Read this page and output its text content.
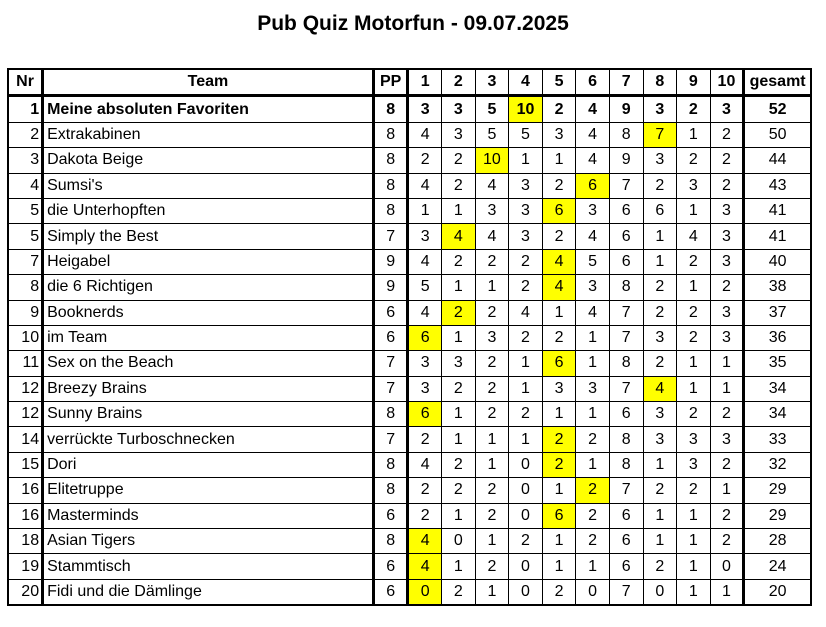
Pub Quiz Motorfun - 09.07.2025
Nr	Team	PP	1	2	3	4	5	6	7	8	9	10	gesamt
1	Meine absoluten Favoriten	8	3	3	5	10	2	4	9	3	2	3	52
2	Extrakabinen	8	4	3	5	5	3	4	8	7	1	2	50
3	Dakota Beige	8	2	2	10	1	1	4	9	3	2	2	44
4	Sumsi's	8	4	2	4	3	2	6	7	2	3	2	43
5	die Unterhopften	8	1	1	3	3	6	3	6	6	1	3	41
5	Simply the Best	7	3	4	4	3	2	4	6	1	4	3	41
7	Heigabel	9	4	2	2	2	4	5	6	1	2	3	40
8	die 6 Richtigen	9	5	1	1	2	4	3	8	2	1	2	38
9	Booknerds	6	4	2	2	4	1	4	7	2	2	3	37
10	im Team	6	6	1	3	2	2	1	7	3	2	3	36
11	Sex on the Beach	7	3	3	2	1	6	1	8	2	1	1	35
12	Breezy Brains	7	3	2	2	1	3	3	7	4	1	1	34
12	Sunny Brains	8	6	1	2	2	1	1	6	3	2	2	34
14	verrückte Turboschnecken	7	2	1	1	1	2	2	8	3	3	3	33
15	Dori	8	4	2	1	0	2	1	8	1	3	2	32
16	Elitetruppe	8	2	2	2	0	1	2	7	2	2	1	29
16	Masterminds	6	2	1	2	0	6	2	6	1	1	2	29
18	Asian Tigers	8	4	0	1	2	1	2	6	1	1	2	28
19	Stammtisch	6	4	1	2	0	1	1	6	2	1	0	24
20	Fidi und die Dämlinge	6	0	2	1	0	2	0	7	0	1	1	20
